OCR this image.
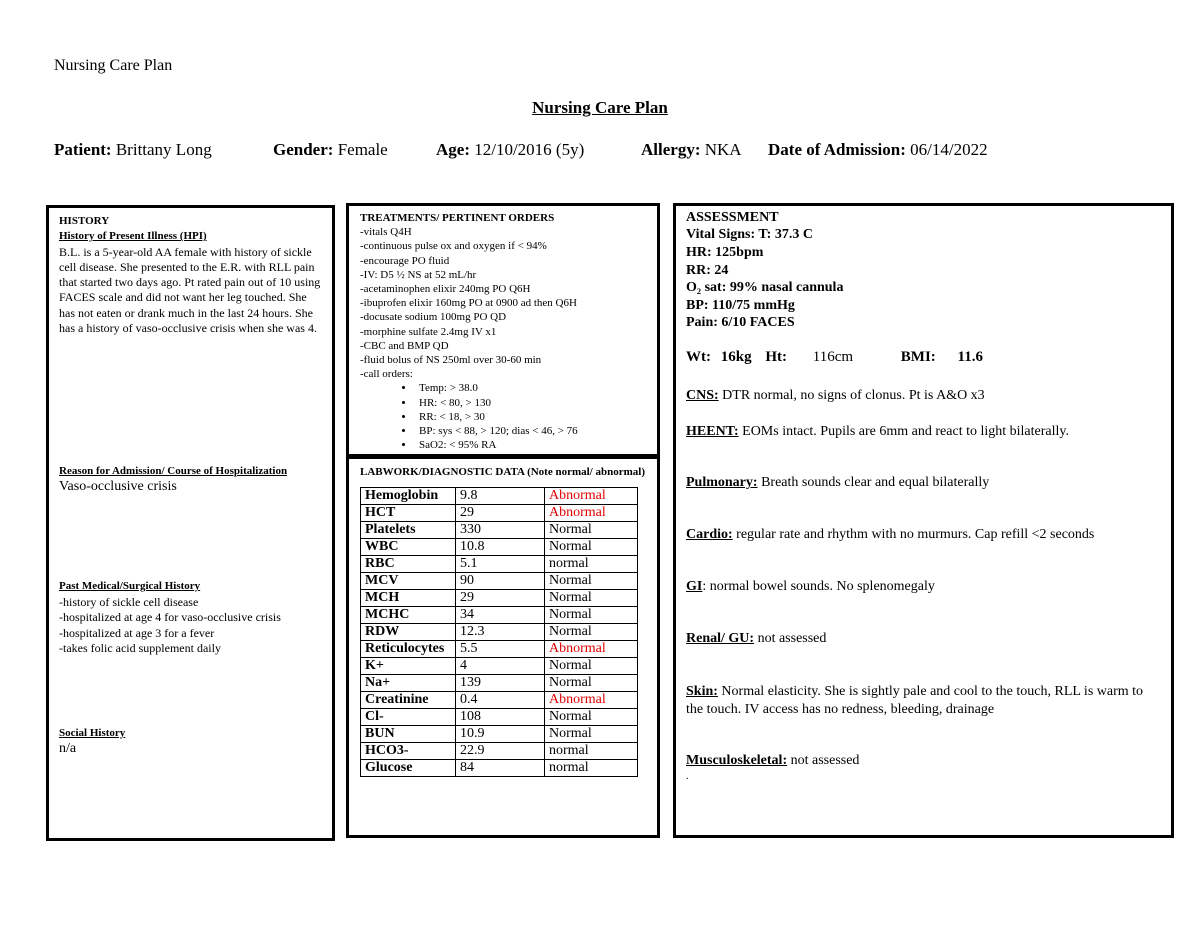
Nursing Care Plan
Nursing Care Plan
Patient: Brittany Long	Gender: Female	Age: 12/10/2016 (5y)	Allergy: NKA Date of Admission: 06/14/2022
HISTORY
History of Present Illness (HPI)
B.L. is a 5-year-old AA female with history of sickle cell disease. She presented to the E.R. with RLL pain that started two days ago. Pt rated pain out of 10 using FACES scale and did not want her leg touched. She has not eaten or drank much in the last 24 hours. She has a history of vaso-occlusive crisis when she was 4.
Reason for Admission/ Course of Hospitalization
Vaso-occlusive crisis
Past Medical/Surgical History
-history of sickle cell disease
-hospitalized at age 4 for vaso-occlusive crisis
-hospitalized at age 3 for a fever
-takes folic acid supplement daily
Social History
n/a
TREATMENTS/ PERTINENT ORDERS
-vitals Q4H
-continuous pulse ox and oxygen if < 94%
-encourage PO fluid
-IV: D5 ½ NS at 52 mL/hr
-acetaminophen elixir 240mg PO Q6H
-ibuprofen elixir 160mg PO at 0900 ad then Q6H
-docusate sodium 100mg PO QD
-morphine sulfate 2.4mg IV x1
-CBC and BMP QD
-fluid bolus of NS 250ml over 30-60 min
-call orders:
• Temp: > 38.0
• HR: < 80, > 130
• RR: < 18, > 30
• BP: sys < 88, > 120; dias < 46, > 76
• SaO2: < 95% RA
LABWORK/DIAGNOSTIC DATA (Note normal/ abnormal)
Hemoglobin	9.8	Abnormal
HCT	29	Abnormal
Platelets	330	Normal
WBC	10.8	Normal
RBC	5.1	normal
MCV	90	Normal
MCH	29	Normal
MCHC	34	Normal
RDW	12.3	Normal
Reticulocytes	5.5	Abnormal
K+	4	Normal
Na+	139	Normal
Creatinine	0.4	Abnormal
Cl-	108	Normal
BUN	10.9	Normal
HCO3-	22.9	normal
Glucose	84	normal
ASSESSMENT
Vital Signs: T: 37.3 C
HR: 125bpm
RR: 24
O₂ sat: 99% nasal cannula
BP: 110/75 mmHg
Pain: 6/10 FACES
Wt: 16kg Ht: 116cm	BMI: 11.6
CNS: DTR normal, no signs of clonus. Pt is A&O x3
HEENT: EOMs intact. Pupils are 6mm and react to light bilaterally.
Pulmonary: Breath sounds clear and equal bilaterally
Cardio: regular rate and rhythm with no murmurs. Cap refill <2 seconds
GI: normal bowel sounds. No splenomegaly
Renal/ GU: not assessed
Skin: Normal elasticity. She is sightly pale and cool to the touch, RLL is warm to the touch. IV access has no redness, bleeding, drainage
Musculoskeletal: not assessed
.
